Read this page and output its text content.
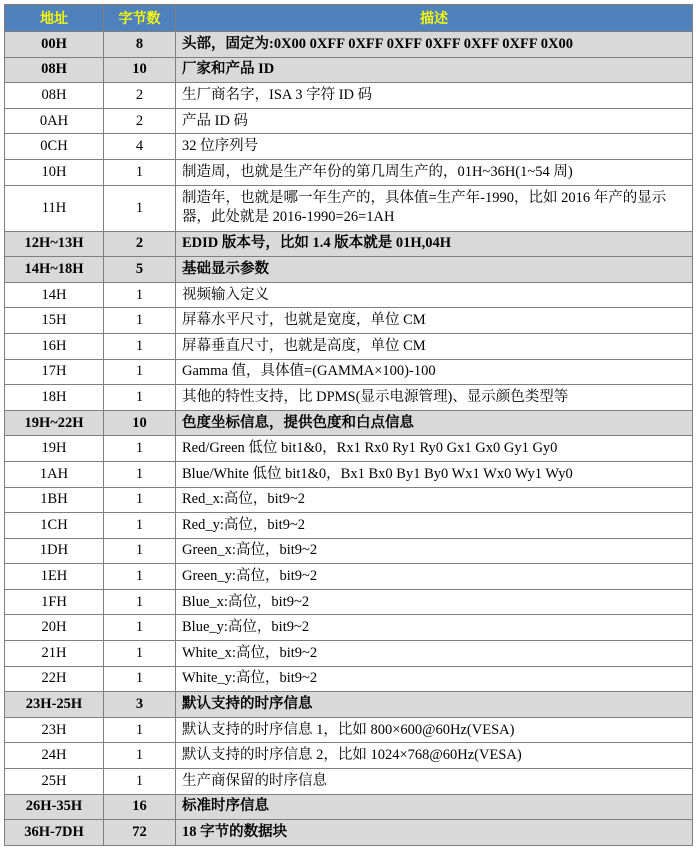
地址	字节数	描述
00H	8	头部，固定为:0X00 0XFF 0XFF 0XFF 0XFF 0XFF 0XFF 0X00
08H	10	厂家和产品 ID
08H	2	生厂商名字，ISA 3 字符 ID 码
0AH	2	产品 ID 码
0CH	4	32 位序列号
10H	1	制造周，也就是生产年份的第几周生产的，01H~36H(1~54 周)
11H	1	制造年，也就是哪一年生产的，具体值=生产年-1990，比如 2016 年产的显示器，此处就是 2016-1990=26=1AH
12H~13H	2	EDID 版本号，比如 1.4 版本就是 01H,04H
14H~18H	5	基础显示参数
14H	1	视频输入定义
15H	1	屏幕水平尺寸，也就是宽度，单位 CM
16H	1	屏幕垂直尺寸，也就是高度，单位 CM
17H	1	Gamma 值，具体值=(GAMMA×100)-100
18H	1	其他的特性支持，比 DPMS(显示电源管理)、显示颜色类型等
19H~22H	10	色度坐标信息，提供色度和白点信息
19H	1	Red/Green 低位 bit1&0，Rx1 Rx0 Ry1 Ry0 Gx1 Gx0 Gy1 Gy0
1AH	1	Blue/White 低位 bit1&0，Bx1 Bx0 By1 By0 Wx1 Wx0 Wy1 Wy0
1BH	1	Red_x:高位，bit9~2
1CH	1	Red_y:高位，bit9~2
1DH	1	Green_x:高位，bit9~2
1EH	1	Green_y:高位，bit9~2
1FH	1	Blue_x:高位，bit9~2
20H	1	Blue_y:高位，bit9~2
21H	1	White_x:高位，bit9~2
22H	1	White_y:高位，bit9~2
23H-25H	3	默认支持的时序信息
23H	1	默认支持的时序信息 1，比如 800×600@60Hz(VESA)
24H	1	默认支持的时序信息 2，比如 1024×768@60Hz(VESA)
25H	1	生产商保留的时序信息
26H-35H	16	标准时序信息
36H-7DH	72	18 字节的数据块
